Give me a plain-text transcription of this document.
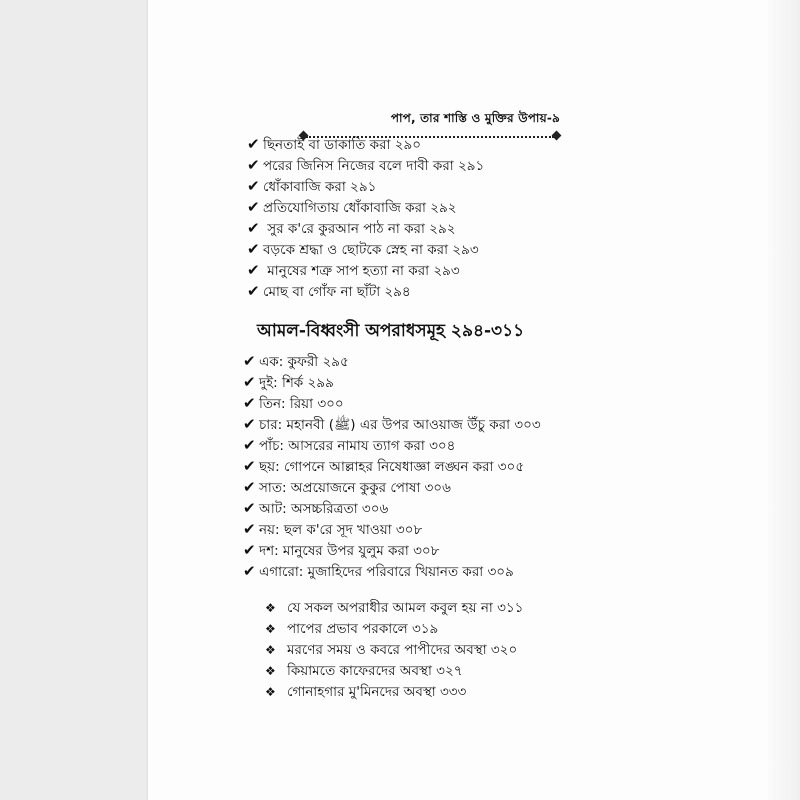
পাপ, তার শাস্তি ও মুক্তির উপায়-৯
✔ ছিনতাই বা ডাকাতি করা ২৯০
✔ পরের জিনিস নিজের বলে দাবী করা ২৯১
✔ ধোঁকাবাজি করা ২৯১
✔ প্রতিযোগিতায় ধোঁকাবাজি করা ২৯২
✔ সুর ক'রে কুরআন পাঠ না করা ২৯২
✔ বড়কে শ্রদ্ধা ও ছোটকে স্নেহ না করা ২৯৩
✔ মানুষের শত্রু সাপ হত্যা না করা ২৯৩
✔ মোছ বা গোঁফ না ছাঁটা ২৯৪
আমল-বিধ্বংসী অপরাধসমূহ ২৯৪-৩১১
✔ এক: কুফরী ২৯৫
✔ দুই: শির্ক ২৯৯
✔ তিন: রিয়া ৩০০
✔ চার: মহানবী (ﷺ) এর উপর আওয়াজ উঁচু করা ৩০৩
✔ পাঁচ: আসরের নামায ত্যাগ করা ৩০৪
✔ ছয়: গোপনে আল্লাহর নিষেধাজ্ঞা লঙ্ঘন করা ৩০৫
✔ সাত: অপ্রয়োজনে কুকুর পোষা ৩০৬
✔ আট: অসচ্চরিত্রতা ৩০৬
✔ নয়: ছল ক'রে সূদ খাওয়া ৩০৮
✔ দশ: মানুষের উপর যুলুম করা ৩০৮
✔ এগারো: মুজাহিদের পরিবারে খিয়ানত করা ৩০৯
❖ যে সকল অপরাধীর আমল কবুল হয় না ৩১১
❖ পাপের প্রভাব পরকালে ৩১৯
❖ মরণের সময় ও কবরে পাপীদের অবস্থা ৩২০
❖ কিয়ামতে কাফেরদের অবস্থা ৩২৭
❖ গোনাহগার মু'মিনদের অবস্থা ৩৩৩
